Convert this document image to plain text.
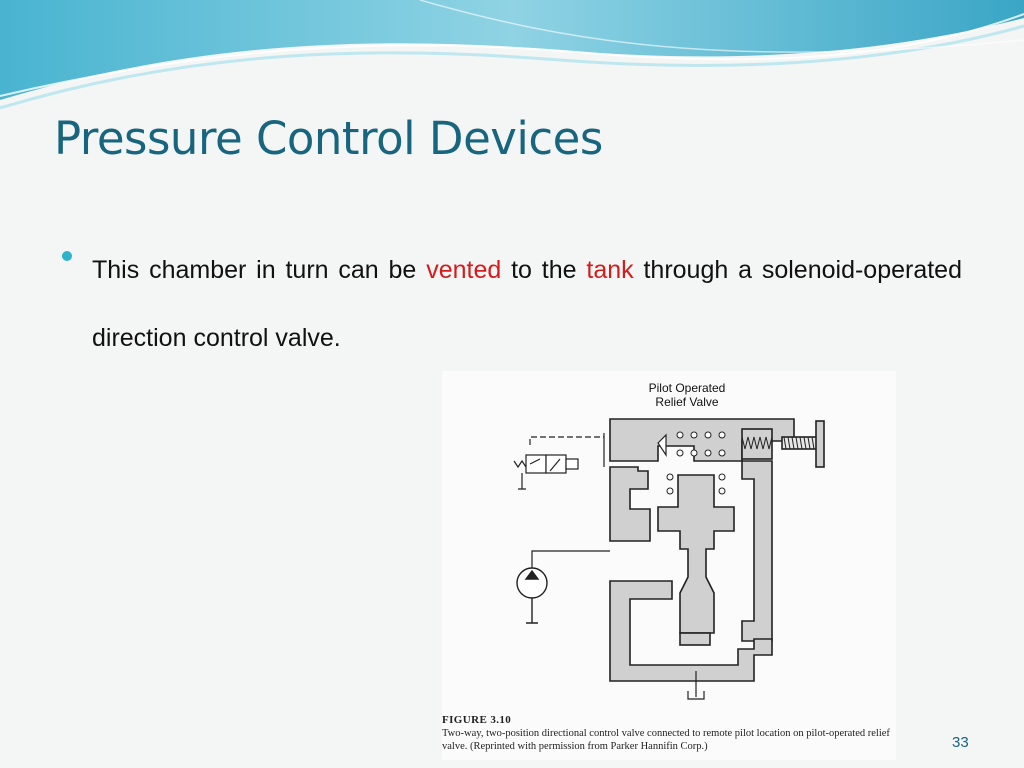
Pressure Control Devices
This chamber in turn can be vented to the tank through a solenoid-operated direction control valve.
Pilot Operated
Relief Valve
FIGURE 3.10
Two-way, two-position directional control valve connected to remote pilot location on pilot-operated relief valve. (Reprinted with permission from Parker Hannifin Corp.)	33
